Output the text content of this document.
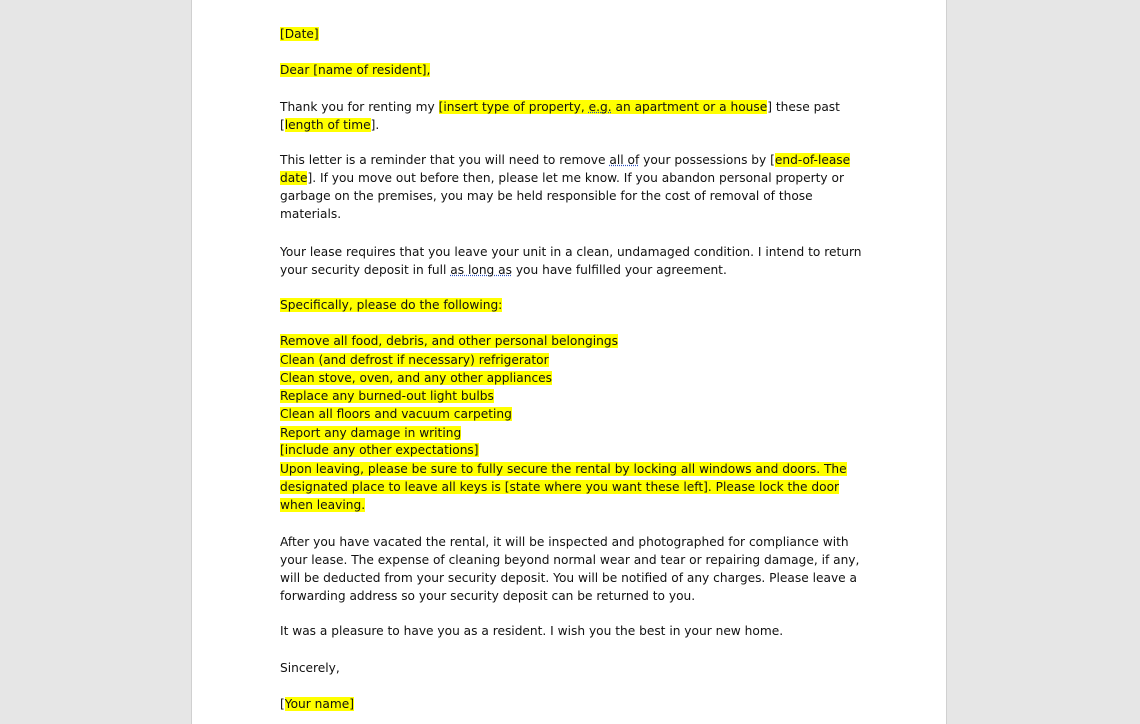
[Date]

Dear [name of resident],

Thank you for renting my [insert type of property, e.g. an apartment or a house] these past

[length of time].

This letter is a reminder that you will need to remove all of your possessions by [end-of-lease

date]. If you move out before then, please let me know. If you abandon personal property or

garbage on the premises, you may be held responsible for the cost of removal of those

materials.

Your lease requires that you leave your unit in a clean, undamaged condition. I intend to return

your security deposit in full as long as you have fulfilled your agreement.

Specifically, please do the following:

Remove all food, debris, and other personal belongings

Clean (and defrost if necessary) refrigerator

Clean stove, oven, and any other appliances

Replace any burned-out light bulbs

Clean all floors and vacuum carpeting

Report any damage in writing

[include any other expectations]

Upon leaving, please be sure to fully secure the rental by locking all windows and doors. The

designated place to leave all keys is [state where you want these left]. Please lock the door

when leaving.

After you have vacated the rental, it will be inspected and photographed for compliance with

your lease. The expense of cleaning beyond normal wear and tear or repairing damage, if any,

will be deducted from your security deposit. You will be notified of any charges. Please leave a

forwarding address so your security deposit can be returned to you.

It was a pleasure to have you as a resident. I wish you the best in your new home.

Sincerely,

[Your name]
